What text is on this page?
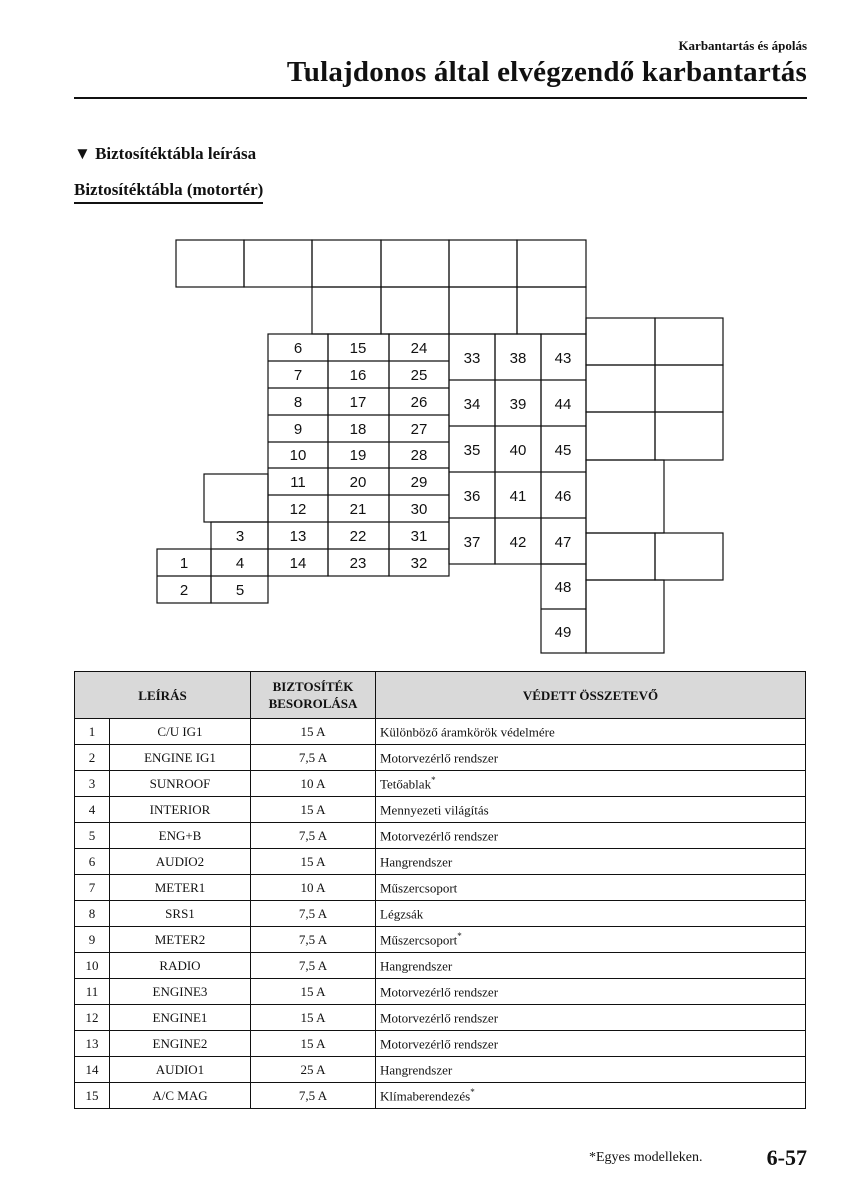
Karbantartás és ápolás
Tulajdonos által elvégzendő karbantartás
▼ Biztosítéktábla leírása
Biztosítéktábla (motortér)
1
2
3
4
5
6
7
8
9
10
11
12
13
14
15
16
17
18
19
20
21
22
23
24
25
26
27
28
29
30
31
32
33
34
35
36
37
38
39
40
41
42
43
44
45
46
47
48
49
LEÍRÁS		BIZTOSÍTÉK
BESOROLÁSA	VÉDETT ÖSSZETEVŐ
1	C/U IG1	15 A	Különböző áramkörök védelmére
2	ENGINE IG1	7,5 A	Motorvezérlő rendszer
3	SUNROOF	10 A	Tetőablak*
4	INTERIOR	15 A	Mennyezeti világítás
5	ENG+B	7,5 A	Motorvezérlő rendszer
6	AUDIO2	15 A	Hangrendszer
7	METER1	10 A	Műszercsoport
8	SRS1	7,5 A	Légzsák
9	METER2	7,5 A	Műszercsoport*
10	RADIO	7,5 A	Hangrendszer
11	ENGINE3	15 A	Motorvezérlő rendszer
12	ENGINE1	15 A	Motorvezérlő rendszer
13	ENGINE2	15 A	Motorvezérlő rendszer
14	AUDIO1	25 A	Hangrendszer
15	A/C MAG	7,5 A	Klímaberendezés*
*Egyes modelleken.	6-57
